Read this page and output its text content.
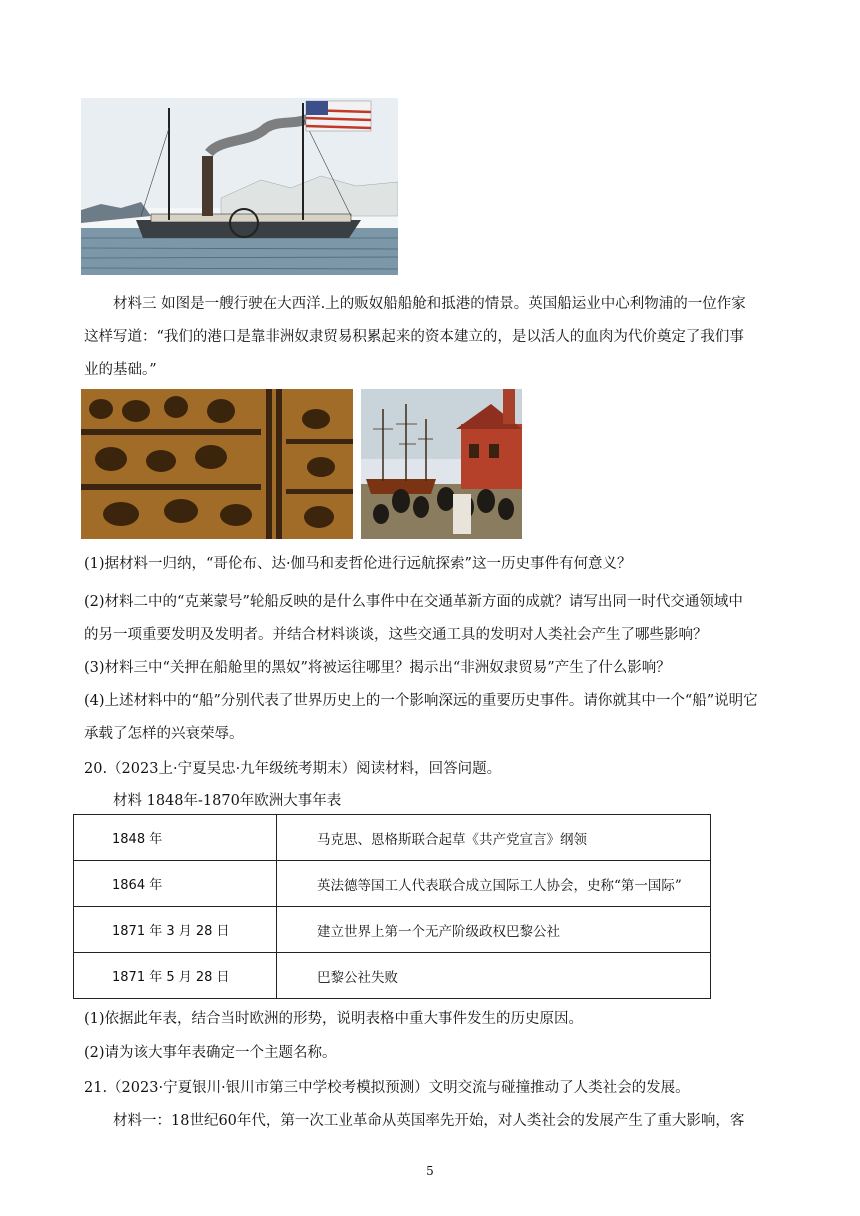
材料三 如图是一艘行驶在大西洋.上的贩奴船船舱和抵港的情景。英国船运业中心利物浦的一位作家
这样写道：“我们的港口是靠非洲奴隶贸易积累起来的资本建立的，是以活人的血肉为代价奠定了我们事
业的基础。”
(1)据材料一归纳，“哥伦布、达·伽马和麦哲伦进行远航探索”这一历史事件有何意义？
(2)材料二中的“克莱蒙号”轮船反映的是什么事件中在交通革新方面的成就？请写出同一时代交通领域中
的另一项重要发明及发明者。并结合材料谈谈，这些交通工具的发明对人类社会产生了哪些影响？
(3)材料三中“关押在船舱里的黑奴”将被运往哪里？揭示出“非洲奴隶贸易”产生了什么影响？
(4)上述材料中的“船”分别代表了世界历史上的一个影响深远的重要历史事件。请你就其中一个“船”说明它
承载了怎样的兴衰荣辱。
20.（2023上·宁夏吴忠·九年级统考期末）阅读材料，回答问题。
材料 1848年-1870年欧洲大事年表
1848 年	马克思、恩格斯联合起草《共产党宣言》纲领
1864 年	英法德等国工人代表联合成立国际工人协会，史称“第一国际”
1871 年 3 月 28 日	建立世界上第一个无产阶级政权巴黎公社
1871 年 5 月 28 日	巴黎公社失败
(1)依据此年表，结合当时欧洲的形势，说明表格中重大事件发生的历史原因。
(2)请为该大事年表确定一个主题名称。
21.（2023·宁夏银川·银川市第三中学校考模拟预测）文明交流与碰撞推动了人类社会的发展。
材料一：18世纪60年代，第一次工业革命从英国率先开始，对人类社会的发展产生了重大影响，客
5
